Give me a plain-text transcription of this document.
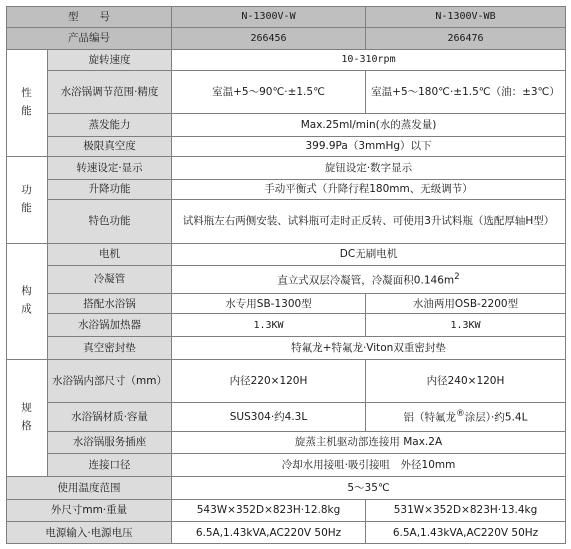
型　　号		N-1300V-W	N-1300V-WB
产品编号		266456	266476
性能	旋转速度	10-310rpm	
	水浴锅调节范围·精度	室温+5～90℃·±1.5℃	室温+5～180℃·±1.5℃（油：±3℃）
	蒸发能力	Max.25ml/min(水的蒸发量)	
	极限真空度	399.9Pa（3mmHg）以下	
功能	转速设定·显示	旋钮设定·数字显示	
	升降功能	手动平衡式（升降行程180mm、无级调节）	
	特色功能	试料瓶左右两侧安装、试料瓶可走时正反转、可使用3升试料瓶（选配厚轴H型）	
构成	电机	DC无刷电机	
	冷凝管	直立式双层冷凝管，冷凝面积$0.146m^2$
	搭配水浴锅	水专用SB-1300型	水油两用OSB-2200型
	水浴锅加热器	1.3KW	1.3KW
	真空密封垫	特氟龙+特氟龙·Viton双重密封垫	
规格	水浴锅内部尺寸（mm）	内径220×120H	内径240×120H
	水浴锅材质·容量	SUS304·约4.3L	铝（特氟龙®涂层）·约5.4L
	水浴锅服务插座	旋蒸主机驱动部连接用 Max.2A	
	连接口径	冷却水用接咀·吸引接咀　外径10mm	
使用温度范围		5～35℃	
外尺寸mm·重量		543W×352D×823H·12.8kg	531W×352D×823H·13.4kg
电源输入·电源电压		6.5A,1.43kVA,AC220V 50Hz	6.5A,1.43kVA,AC220V 50Hz
